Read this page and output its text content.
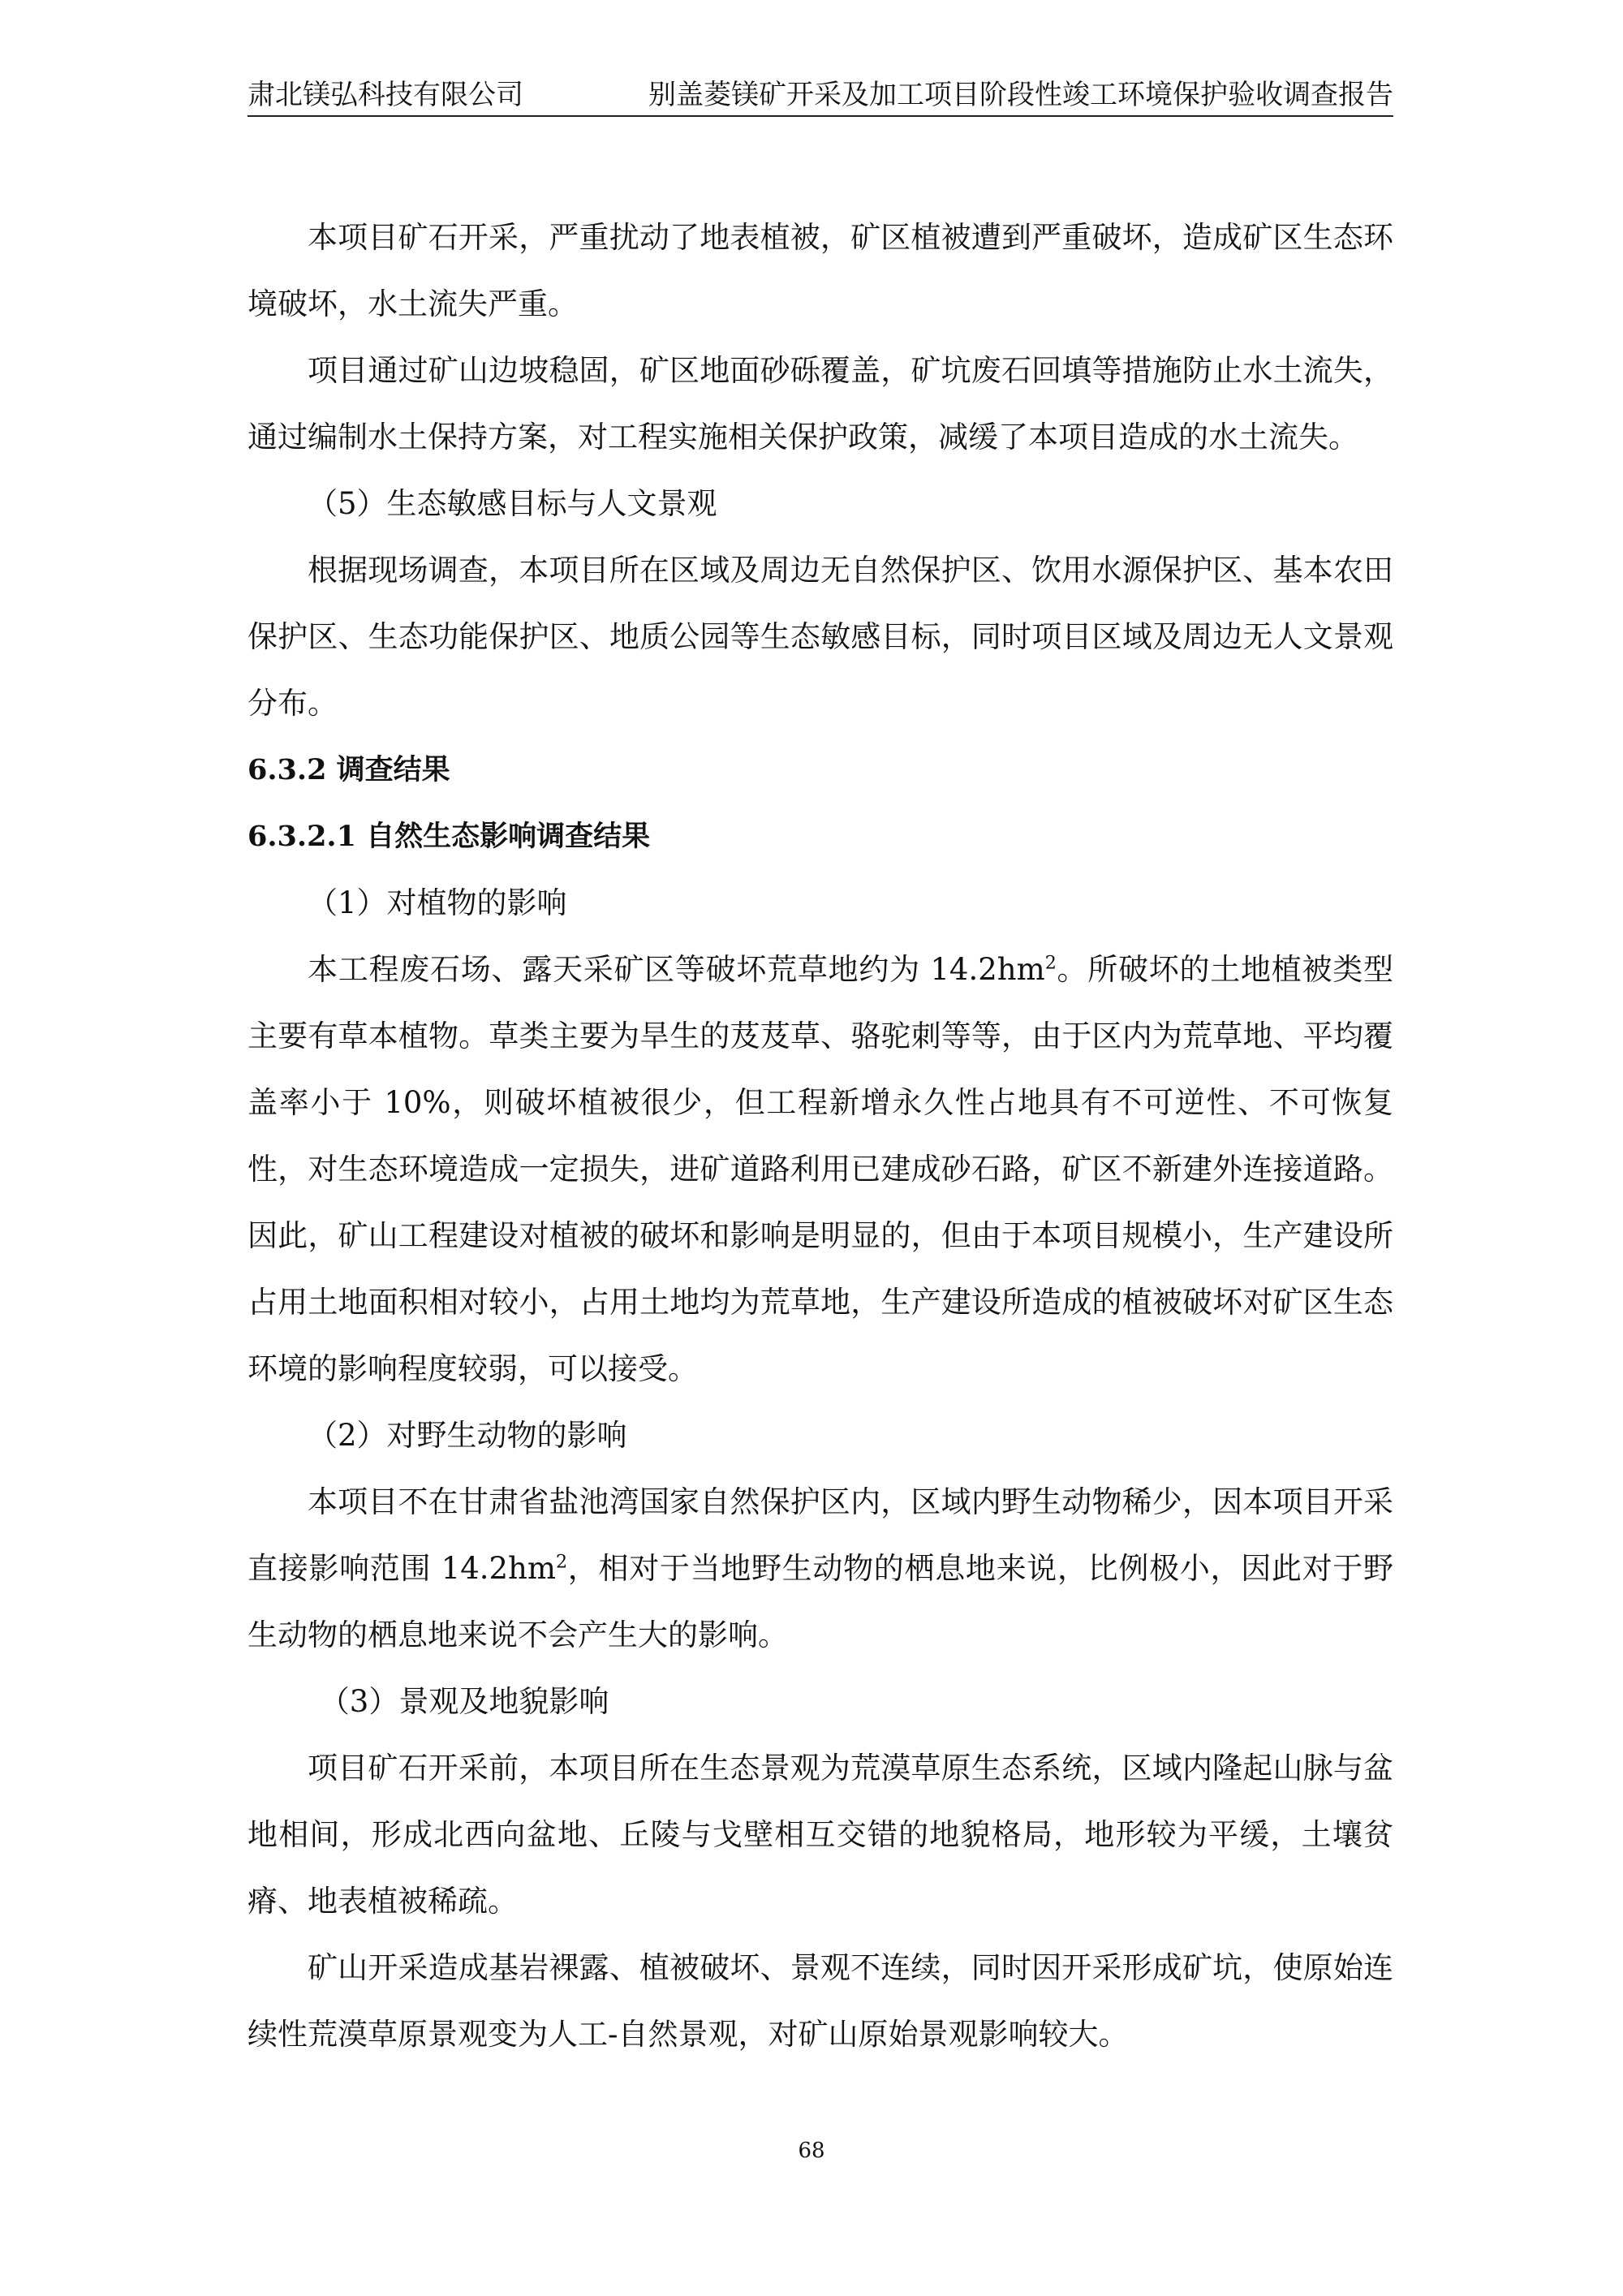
肃北镁弘科技有限公司	别盖菱镁矿开采及加工项目阶段性竣工环境保护验收调查报告

本项目矿石开采，严重扰动了地表植被，矿区植被遭到严重破坏，造成矿区生态环境破坏，水土流失严重。

项目通过矿山边坡稳固，矿区地面砂砾覆盖，矿坑废石回填等措施防止水土流失，通过编制水土保持方案，对工程实施相关保护政策，减缓了本项目造成的水土流失。

（5）生态敏感目标与人文景观

根据现场调查，本项目所在区域及周边无自然保护区、饮用水源保护区、基本农田保护区、生态功能保护区、地质公园等生态敏感目标，同时项目区域及周边无人文景观分布。

6.3.2 调查结果

6.3.2.1 自然生态影响调查结果

（1）对植物的影响

本工程废石场、露天采矿区等破坏荒草地约为 $14.2hm^2$。所破坏的土地植被类型主要有草本植物。草类主要为旱生的芨芨草、骆驼刺等等，由于区内为荒草地、平均覆盖率小于 10%，则破坏植被很少，但工程新增永久性占地具有不可逆性、不可恢复性，对生态环境造成一定损失，进矿道路利用已建成砂石路，矿区不新建外连接道路。因此，矿山工程建设对植被的破坏和影响是明显的，但由于本项目规模小，生产建设所占用土地面积相对较小，占用土地均为荒草地，生产建设所造成的植被破坏对矿区生态环境的影响程度较弱，可以接受。

（2）对野生动物的影响

本项目不在甘肃省盐池湾国家自然保护区内，区域内野生动物稀少，因本项目开采直接影响范围 $14.2hm^2$，相对于当地野生动物的栖息地来说，比例极小，因此对于野生动物的栖息地来说不会产生大的影响。

（3）景观及地貌影响

项目矿石开采前，本项目所在生态景观为荒漠草原生态系统，区域内隆起山脉与盆地相间，形成北西向盆地、丘陵与戈壁相互交错的地貌格局，地形较为平缓，土壤贫瘠、地表植被稀疏。

矿山开采造成基岩裸露、植被破坏、景观不连续，同时因开采形成矿坑，使原始连续性荒漠草原景观变为人工-自然景观，对矿山原始景观影响较大。

68
